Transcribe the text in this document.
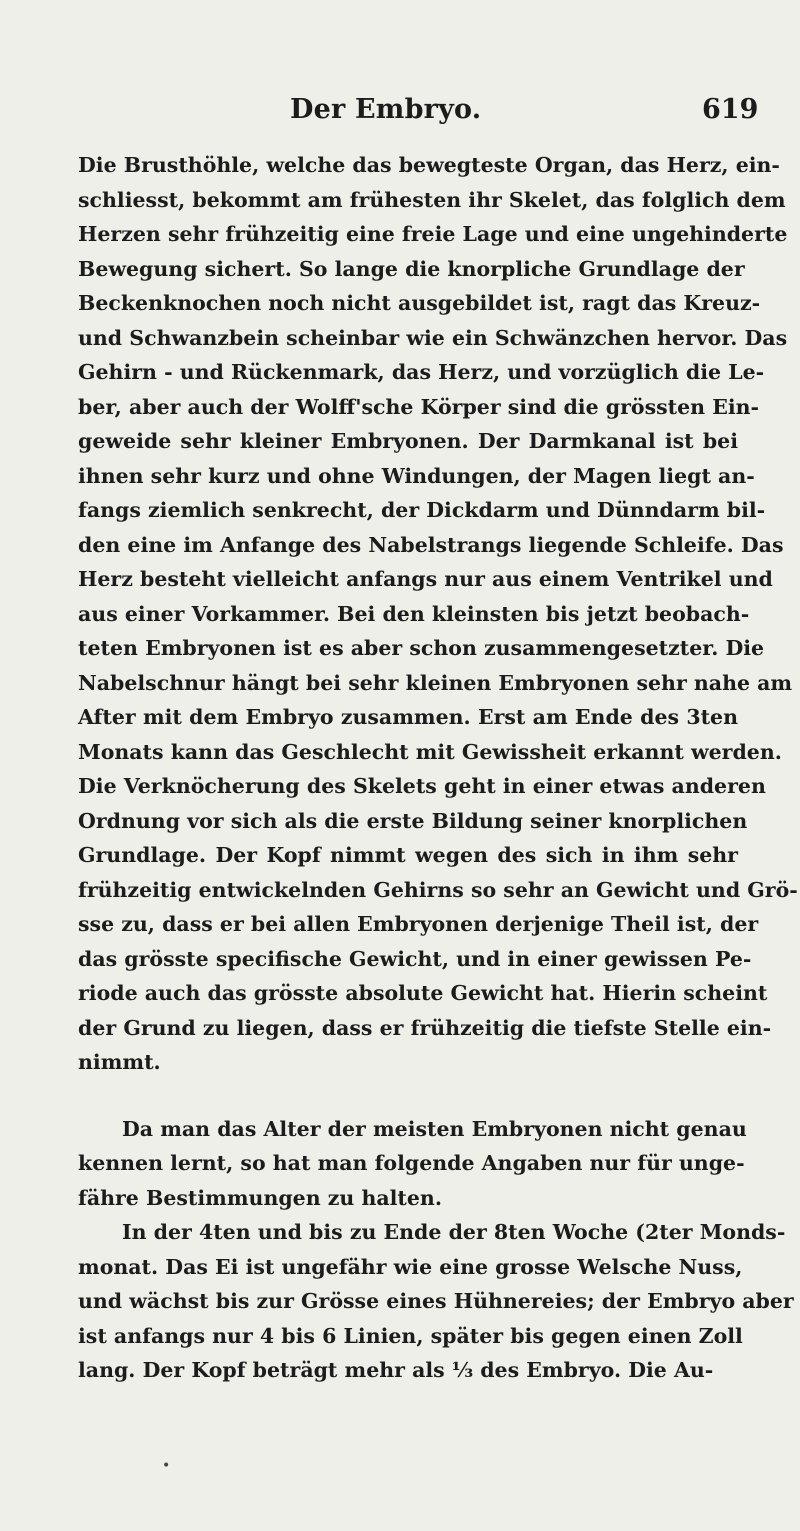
Der Embryo.	619
Die Brusthöhle, welche das bewegteste Organ, das Herz, ein-
schliesst, bekommt am frühesten ihr Skelet, das folglich dem
Herzen sehr frühzeitig eine freie Lage und eine ungehinderte
Bewegung sichert. So lange die knorpliche Grundlage der
Beckenknochen noch nicht ausgebildet ist, ragt das Kreuz-
und Schwanzbein scheinbar wie ein Schwänzchen hervor. Das
Gehirn - und Rückenmark, das Herz, und vorzüglich die Le-
ber, aber auch der Wolff'sche Körper sind die grössten Ein-
geweide sehr kleiner Embryonen. Der Darmkanal ist bei
ihnen sehr kurz und ohne Windungen, der Magen liegt an-
fangs ziemlich senkrecht, der Dickdarm und Dünndarm bil-
den eine im Anfange des Nabelstrangs liegende Schleife. Das
Herz besteht vielleicht anfangs nur aus einem Ventrikel und
aus einer Vorkammer. Bei den kleinsten bis jetzt beobach-
teten Embryonen ist es aber schon zusammengesetzter. Die
Nabelschnur hängt bei sehr kleinen Embryonen sehr nahe am
After mit dem Embryo zusammen. Erst am Ende des 3ten
Monats kann das Geschlecht mit Gewissheit erkannt werden.
Die Verknöcherung des Skelets geht in einer etwas anderen
Ordnung vor sich als die erste Bildung seiner knorplichen
Grundlage. Der Kopf nimmt wegen des sich in ihm sehr
frühzeitig entwickelnden Gehirns so sehr an Gewicht und Grö-
sse zu, dass er bei allen Embryonen derjenige Theil ist, der
das grösste specifische Gewicht, und in einer gewissen Pe-
riode auch das grösste absolute Gewicht hat. Hierin scheint
der Grund zu liegen, dass er frühzeitig die tiefste Stelle ein-
nimmt.
Da man das Alter der meisten Embryonen nicht genau
kennen lernt, so hat man folgende Angaben nur für unge-
fähre Bestimmungen zu halten.
In der 4ten und bis zu Ende der 8ten Woche (2ter Monds-
monat. Das Ei ist ungefähr wie eine grosse Welsche Nuss,
und wächst bis zur Grösse eines Hühnereies; der Embryo aber
ist anfangs nur 4 bis 6 Linien, später bis gegen einen Zoll
lang. Der Kopf beträgt mehr als ⅓ des Embryo. Die Au-
•
